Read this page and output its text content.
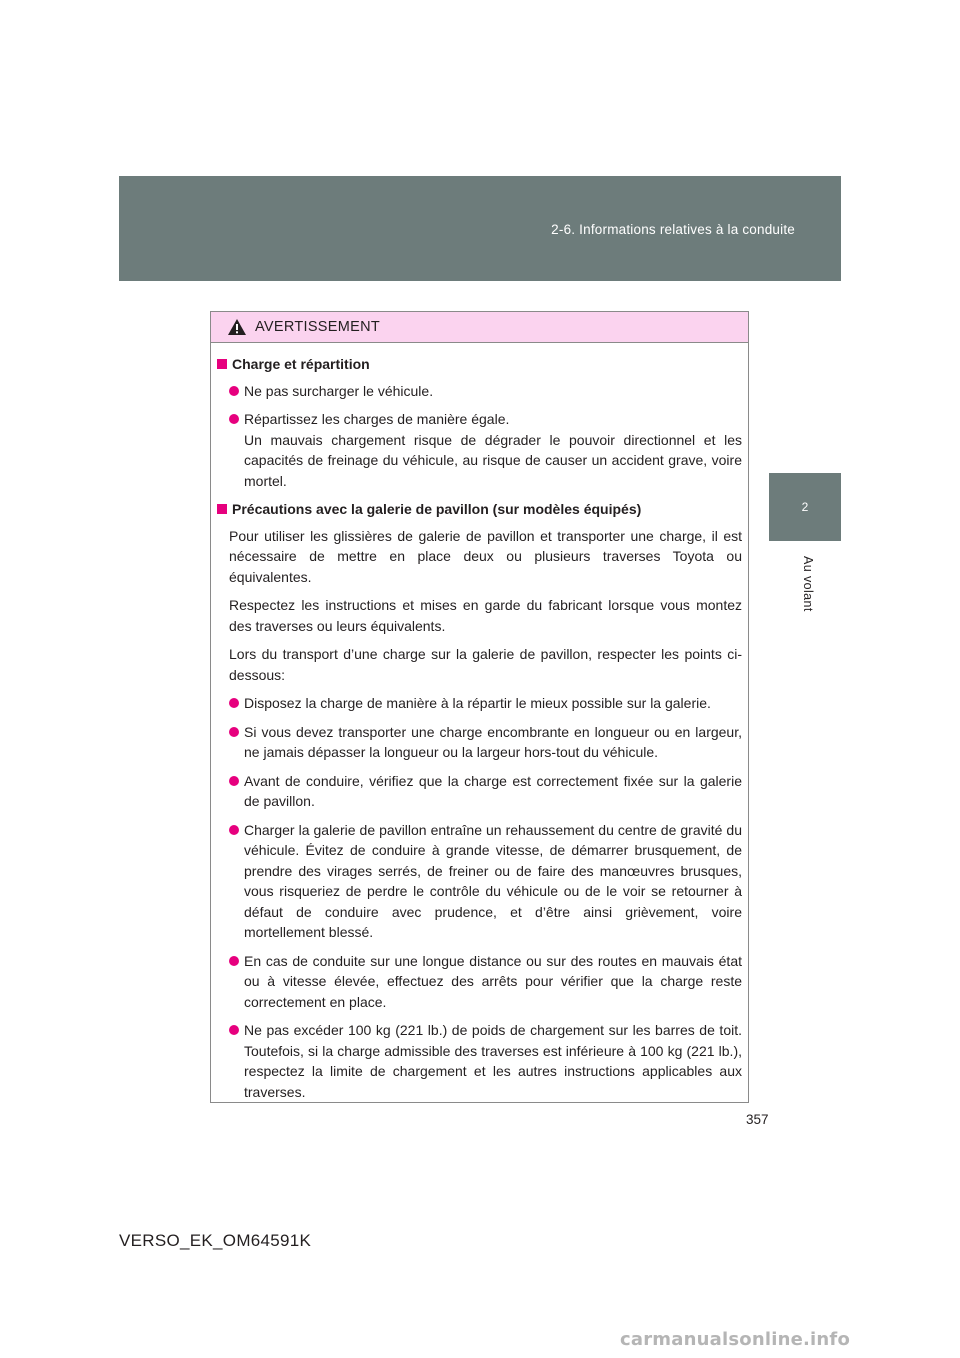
2-6. Informations relatives à la conduite
2
Au volant
AVERTISSEMENT
Charge et répartition
Ne pas surcharger le véhicule.
Répartissez les charges de manière égale.
Un mauvais chargement risque de dégrader le pouvoir directionnel et les capacités de freinage du véhicule, au risque de causer un accident grave, voire mortel.
Précautions avec la galerie de pavillon (sur modèles équipés)
Pour utiliser les glissières de galerie de pavillon et transporter une charge, il est nécessaire de mettre en place deux ou plusieurs traverses Toyota ou équivalentes.
Respectez les instructions et mises en garde du fabricant lorsque vous montez des traverses ou leurs équivalents.
Lors du transport d’une charge sur la galerie de pavillon, respecter les points ci-dessous:
Disposez la charge de manière à la répartir le mieux possible sur la galerie.
Si vous devez transporter une charge encombrante en longueur ou en largeur, ne jamais dépasser la longueur ou la largeur hors-tout du véhicule.
Avant de conduire, vérifiez que la charge est correctement fixée sur la galerie de pavillon.
Charger la galerie de pavillon entraîne un rehaussement du centre de gravité du véhicule. Évitez de conduire à grande vitesse, de démarrer brusquement, de prendre des virages serrés, de freiner ou de faire des manœuvres brusques, vous risqueriez de perdre le contrôle du véhicule ou de le voir se retourner à défaut de conduire avec prudence, et d’être ainsi grièvement, voire mortellement blessé.
En cas de conduite sur une longue distance ou sur des routes en mauvais état ou à vitesse élevée, effectuez des arrêts pour vérifier que la charge reste correctement en place.
Ne pas excéder 100 kg (221 lb.) de poids de chargement sur les barres de toit. Toutefois, si la charge admissible des traverses est inférieure à 100 kg (221 lb.), respectez la limite de chargement et les autres instructions applicables aux traverses.
357
VERSO_EK_OM64591K
carmanualsonline.info
